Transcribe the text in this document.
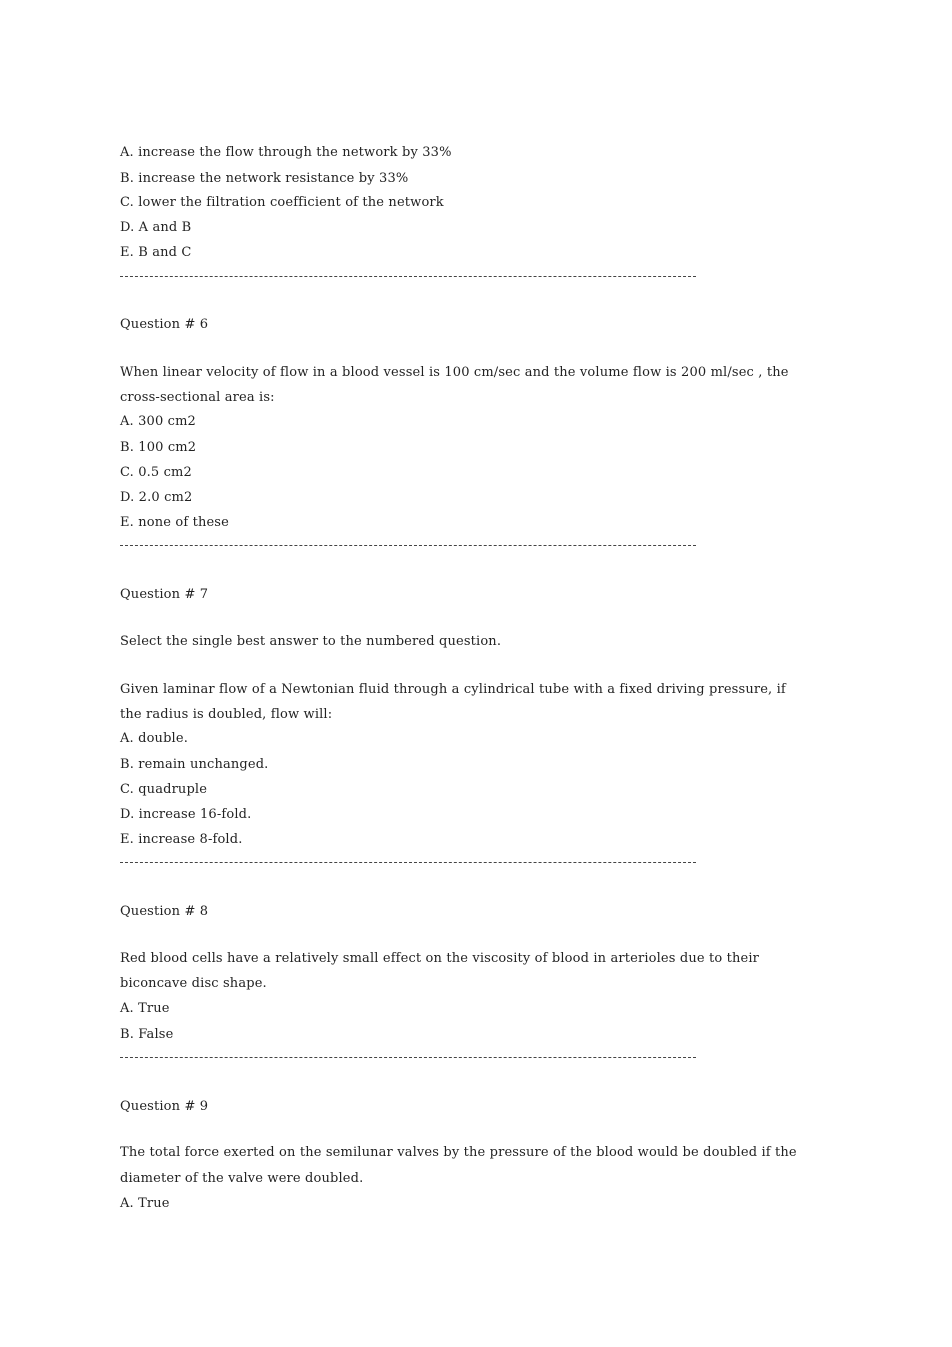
A. increase the flow through the network by 33%
B. increase the network resistance by 33%
C. lower the filtration coefficient of the network
D. A and B
E. B and C
Question # 6
When linear velocity of flow in a blood vessel is 100 cm/sec and the volume flow is 200 ml/sec , the
cross-sectional area is:
A. 300 cm2
B. 100 cm2
C. 0.5 cm2
D. 2.0 cm2
E. none of these
Question # 7
Select the single best answer to the numbered question.
Given laminar flow of a Newtonian fluid through a cylindrical tube with a fixed driving pressure, if
the radius is doubled, flow will:
A. double.
B. remain unchanged.
C. quadruple
D. increase 16-fold.
E. increase 8-fold.
Question # 8
Red blood cells have a relatively small effect on the viscosity of blood in arterioles due to their
biconcave disc shape.
A. True
B. False
Question # 9
The total force exerted on the semilunar valves by the pressure of the blood would be doubled if the
diameter of the valve were doubled.
A. True
